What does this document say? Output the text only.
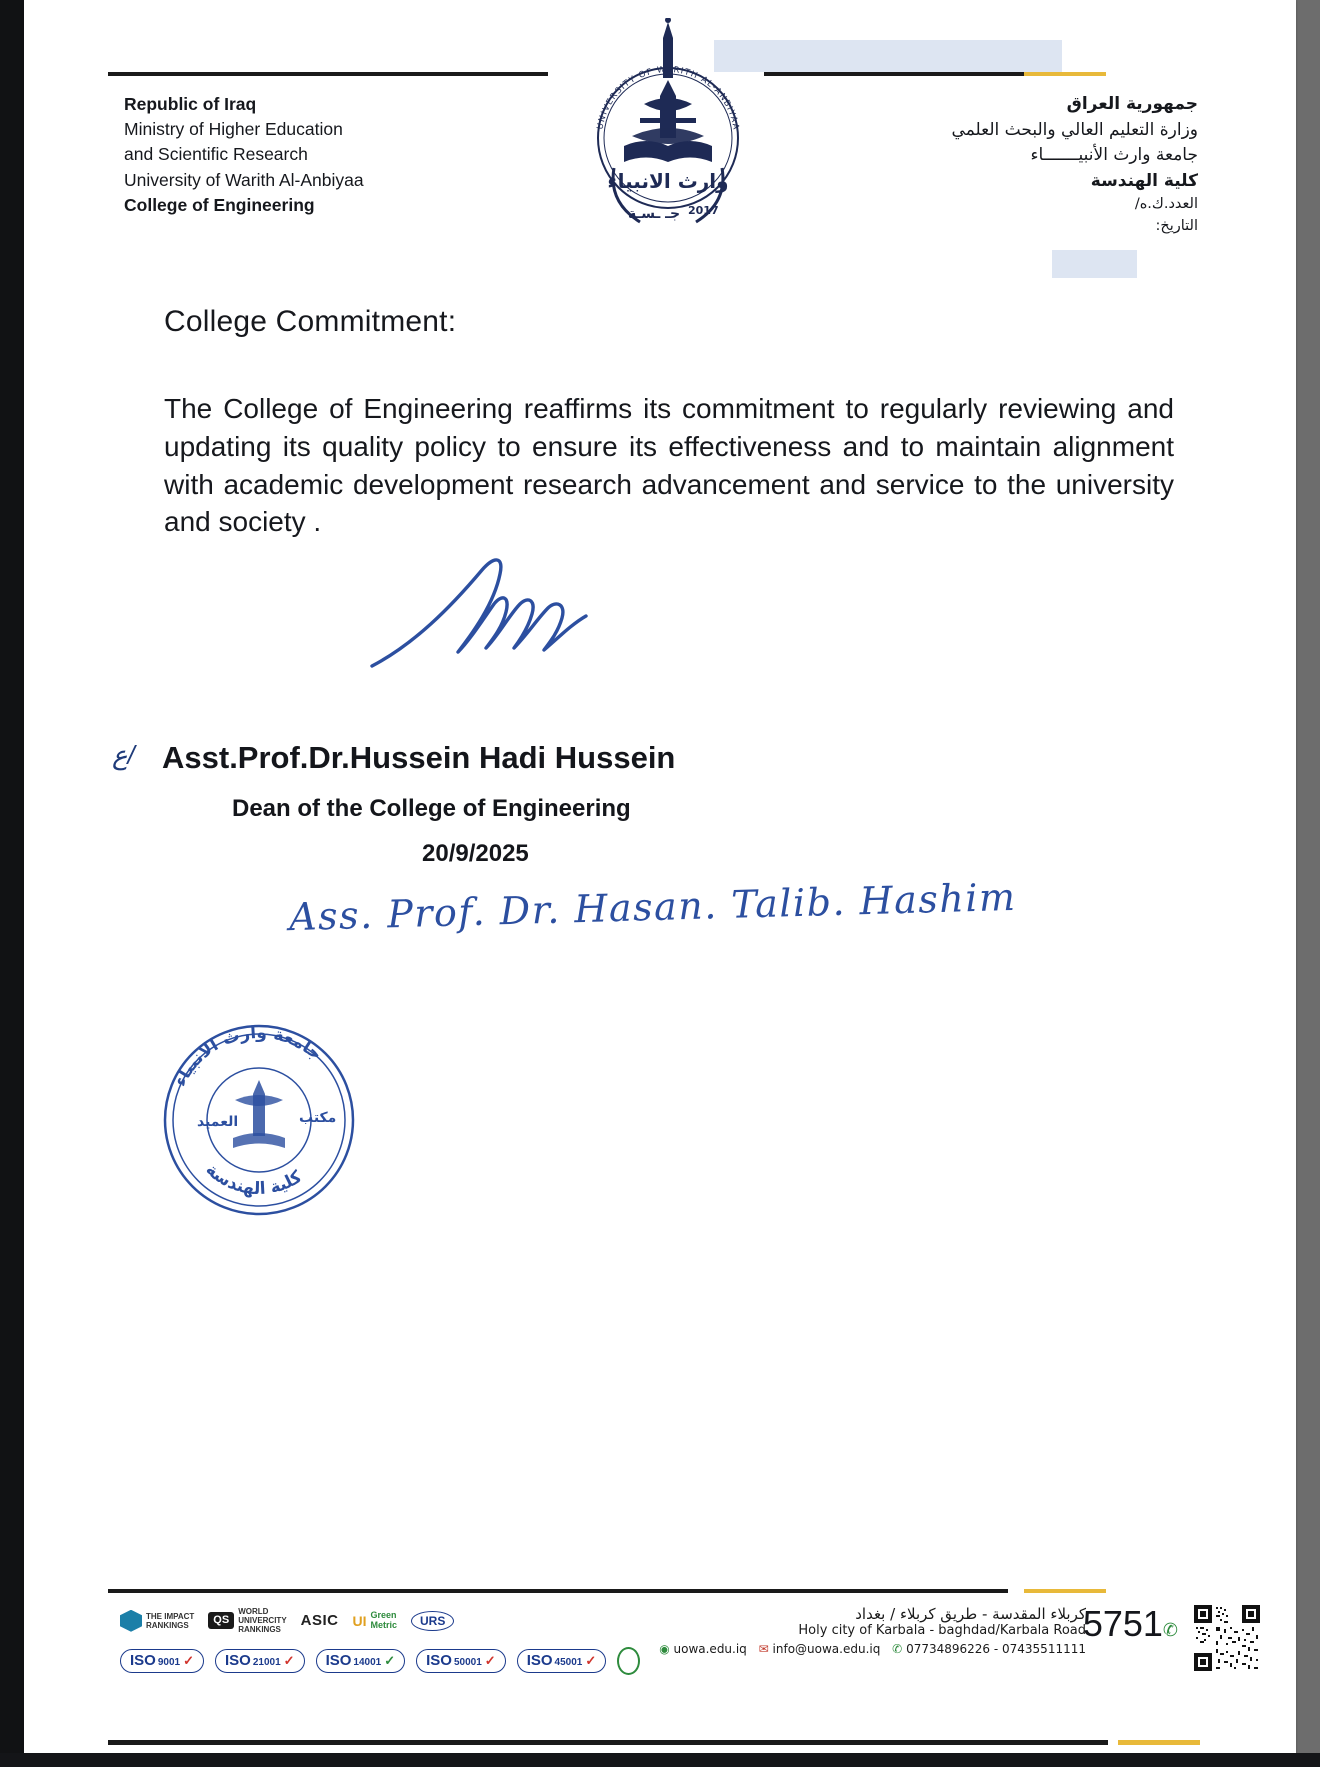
Republic of Iraq
Ministry of Higher Education
and Scientific Research
University of Warith Al-Anbiyaa
College of Engineering
جمهورية العراق
وزارة التعليم العالي والبحث العلمي
جامعة وارث الأنبيـــــــاء
كلية الهندسة
العدد.ك.ه/
التاريخ:
UNIVERSITY OF WARITH AL-ANBIYAA
وارث الانبياء
2017
جـ ـسـة
College Commitment:
The College of Engineering reaffirms its commitment to regularly reviewing and updating its quality policy to ensure its effectiveness and to maintain alignment with academic development research advancement and service to the university and society .
ع/ Asst.Prof.Dr.Hussein Hadi Hussein
Dean of the College of Engineering
20/9/2025
Ass. Prof. Dr. Hasan. Talib. Hashim
جامعة وارث الانبياء
كلية الهندسة
العميد	مكتب
THE IMPACT
RANKINGS	QS
WORLD
UNIVERCITY
RANKINGS
ASIC UI Green
Metric	URS
ISO 9001 ✓ ISO 21001 ✓ ISO 14001 ✓ ISO 50001 ✓ ISO 45001 ✓
كربلاء المقدسة - طريق كربلاء / بغداد
Holy city of Karbala - baghdad/Karbala Road
◉ uowa.edu.iq ✉ info@uowa.edu.iq ✆ 07734896226 - 07435511111
5751✆
